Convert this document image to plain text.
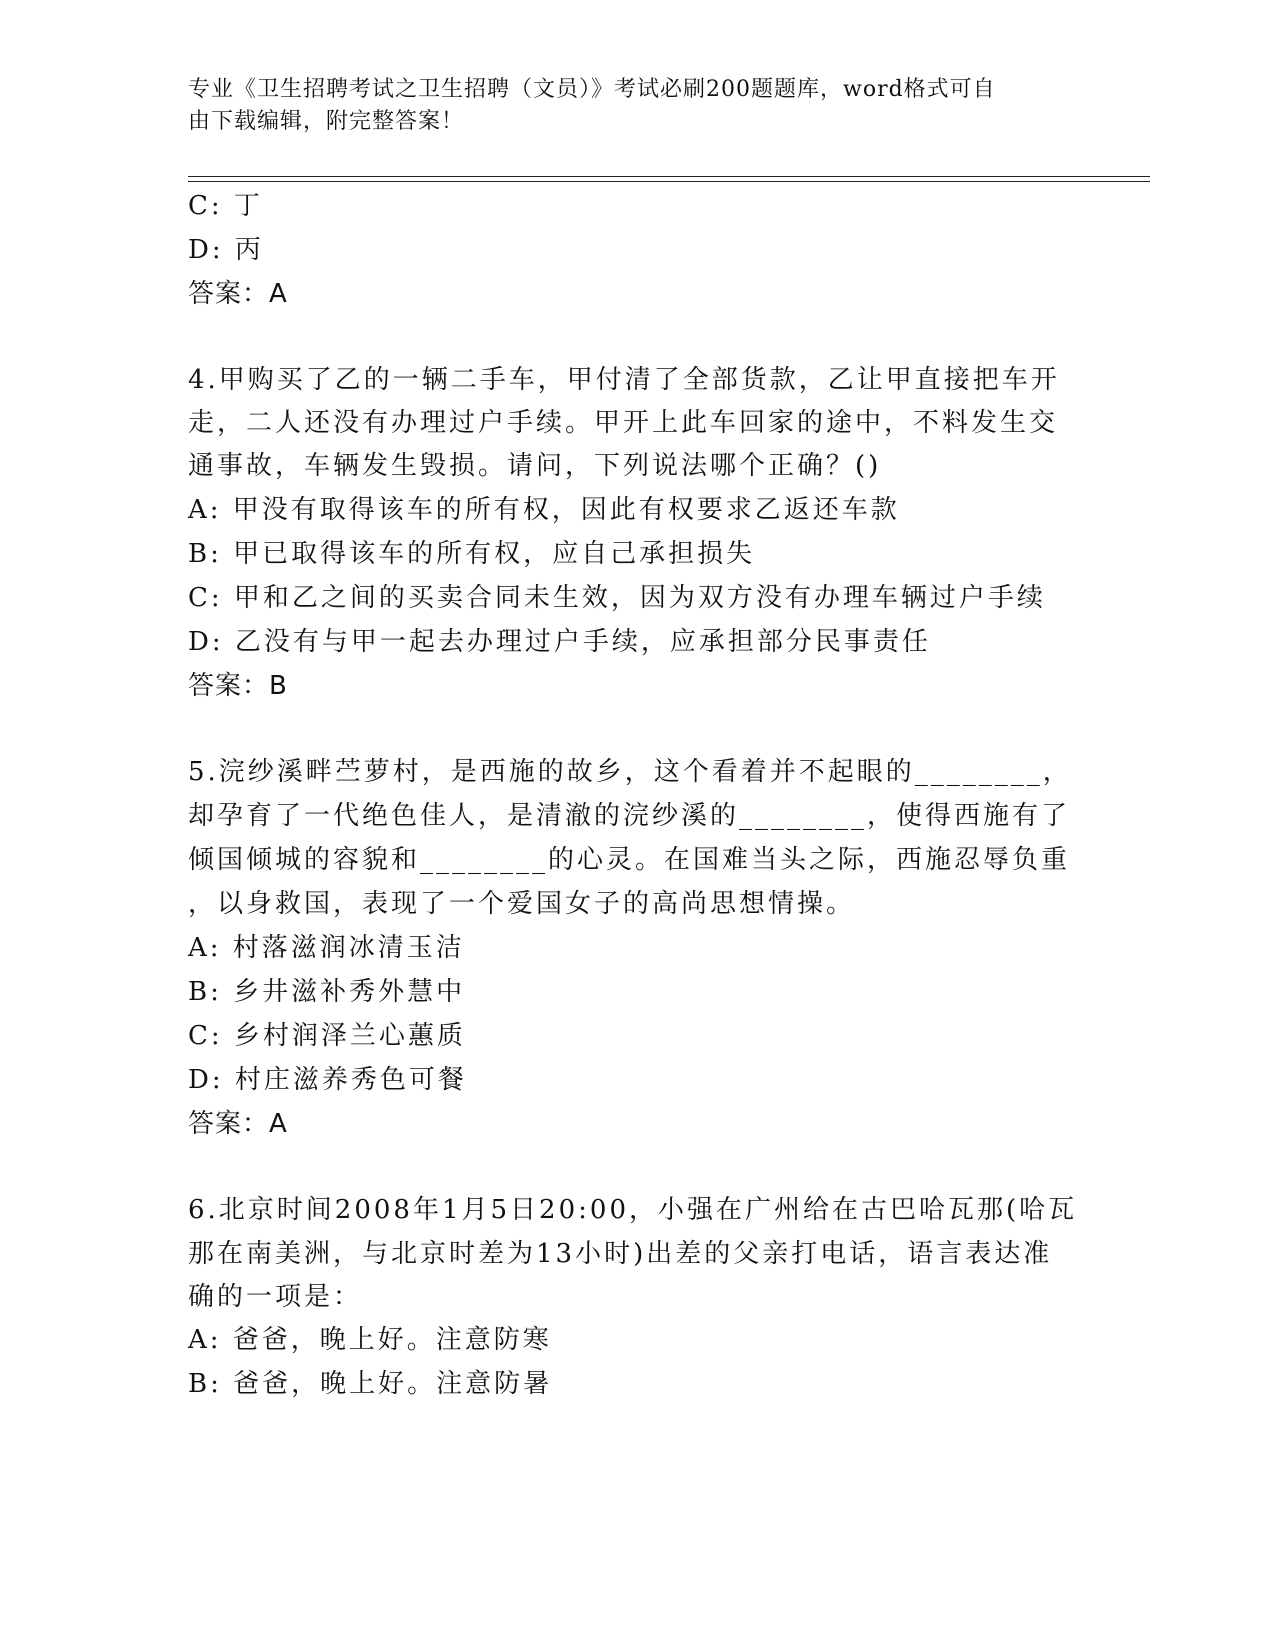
专业《卫生招聘考试之卫生招聘（文员）》考试必刷200题题库，word格式可自
由下载编辑，附完整答案！
C: 丁
D: 丙
答案：A
4.甲购买了乙的一辆二手车，甲付清了全部货款，乙让甲直接把车开
走，二人还没有办理过户手续。甲开上此车回家的途中，不料发生交
通事故，车辆发生毁损。请问，下列说法哪个正确？()
A: 甲没有取得该车的所有权，因此有权要求乙返还车款
B: 甲已取得该车的所有权，应自己承担损失
C: 甲和乙之间的买卖合同未生效，因为双方没有办理车辆过户手续
D: 乙没有与甲一起去办理过户手续，应承担部分民事责任
答案：B
5.浣纱溪畔苎萝村，是西施的故乡，这个看着并不起眼的________，
却孕育了一代绝色佳人，是清澈的浣纱溪的________，使得西施有了
倾国倾城的容貌和________的心灵。在国难当头之际，西施忍辱负重
，以身救国，表现了一个爱国女子的高尚思想情操。
A: 村落滋润冰清玉洁
B: 乡井滋补秀外慧中
C: 乡村润泽兰心蕙质
D: 村庄滋养秀色可餐
答案：A
6.北京时间2008年1月5日20:00，小强在广州给在古巴哈瓦那(哈瓦
那在南美洲，与北京时差为13小时)出差的父亲打电话，语言表达准
确的一项是：
A: 爸爸，晚上好。注意防寒
B: 爸爸，晚上好。注意防暑
